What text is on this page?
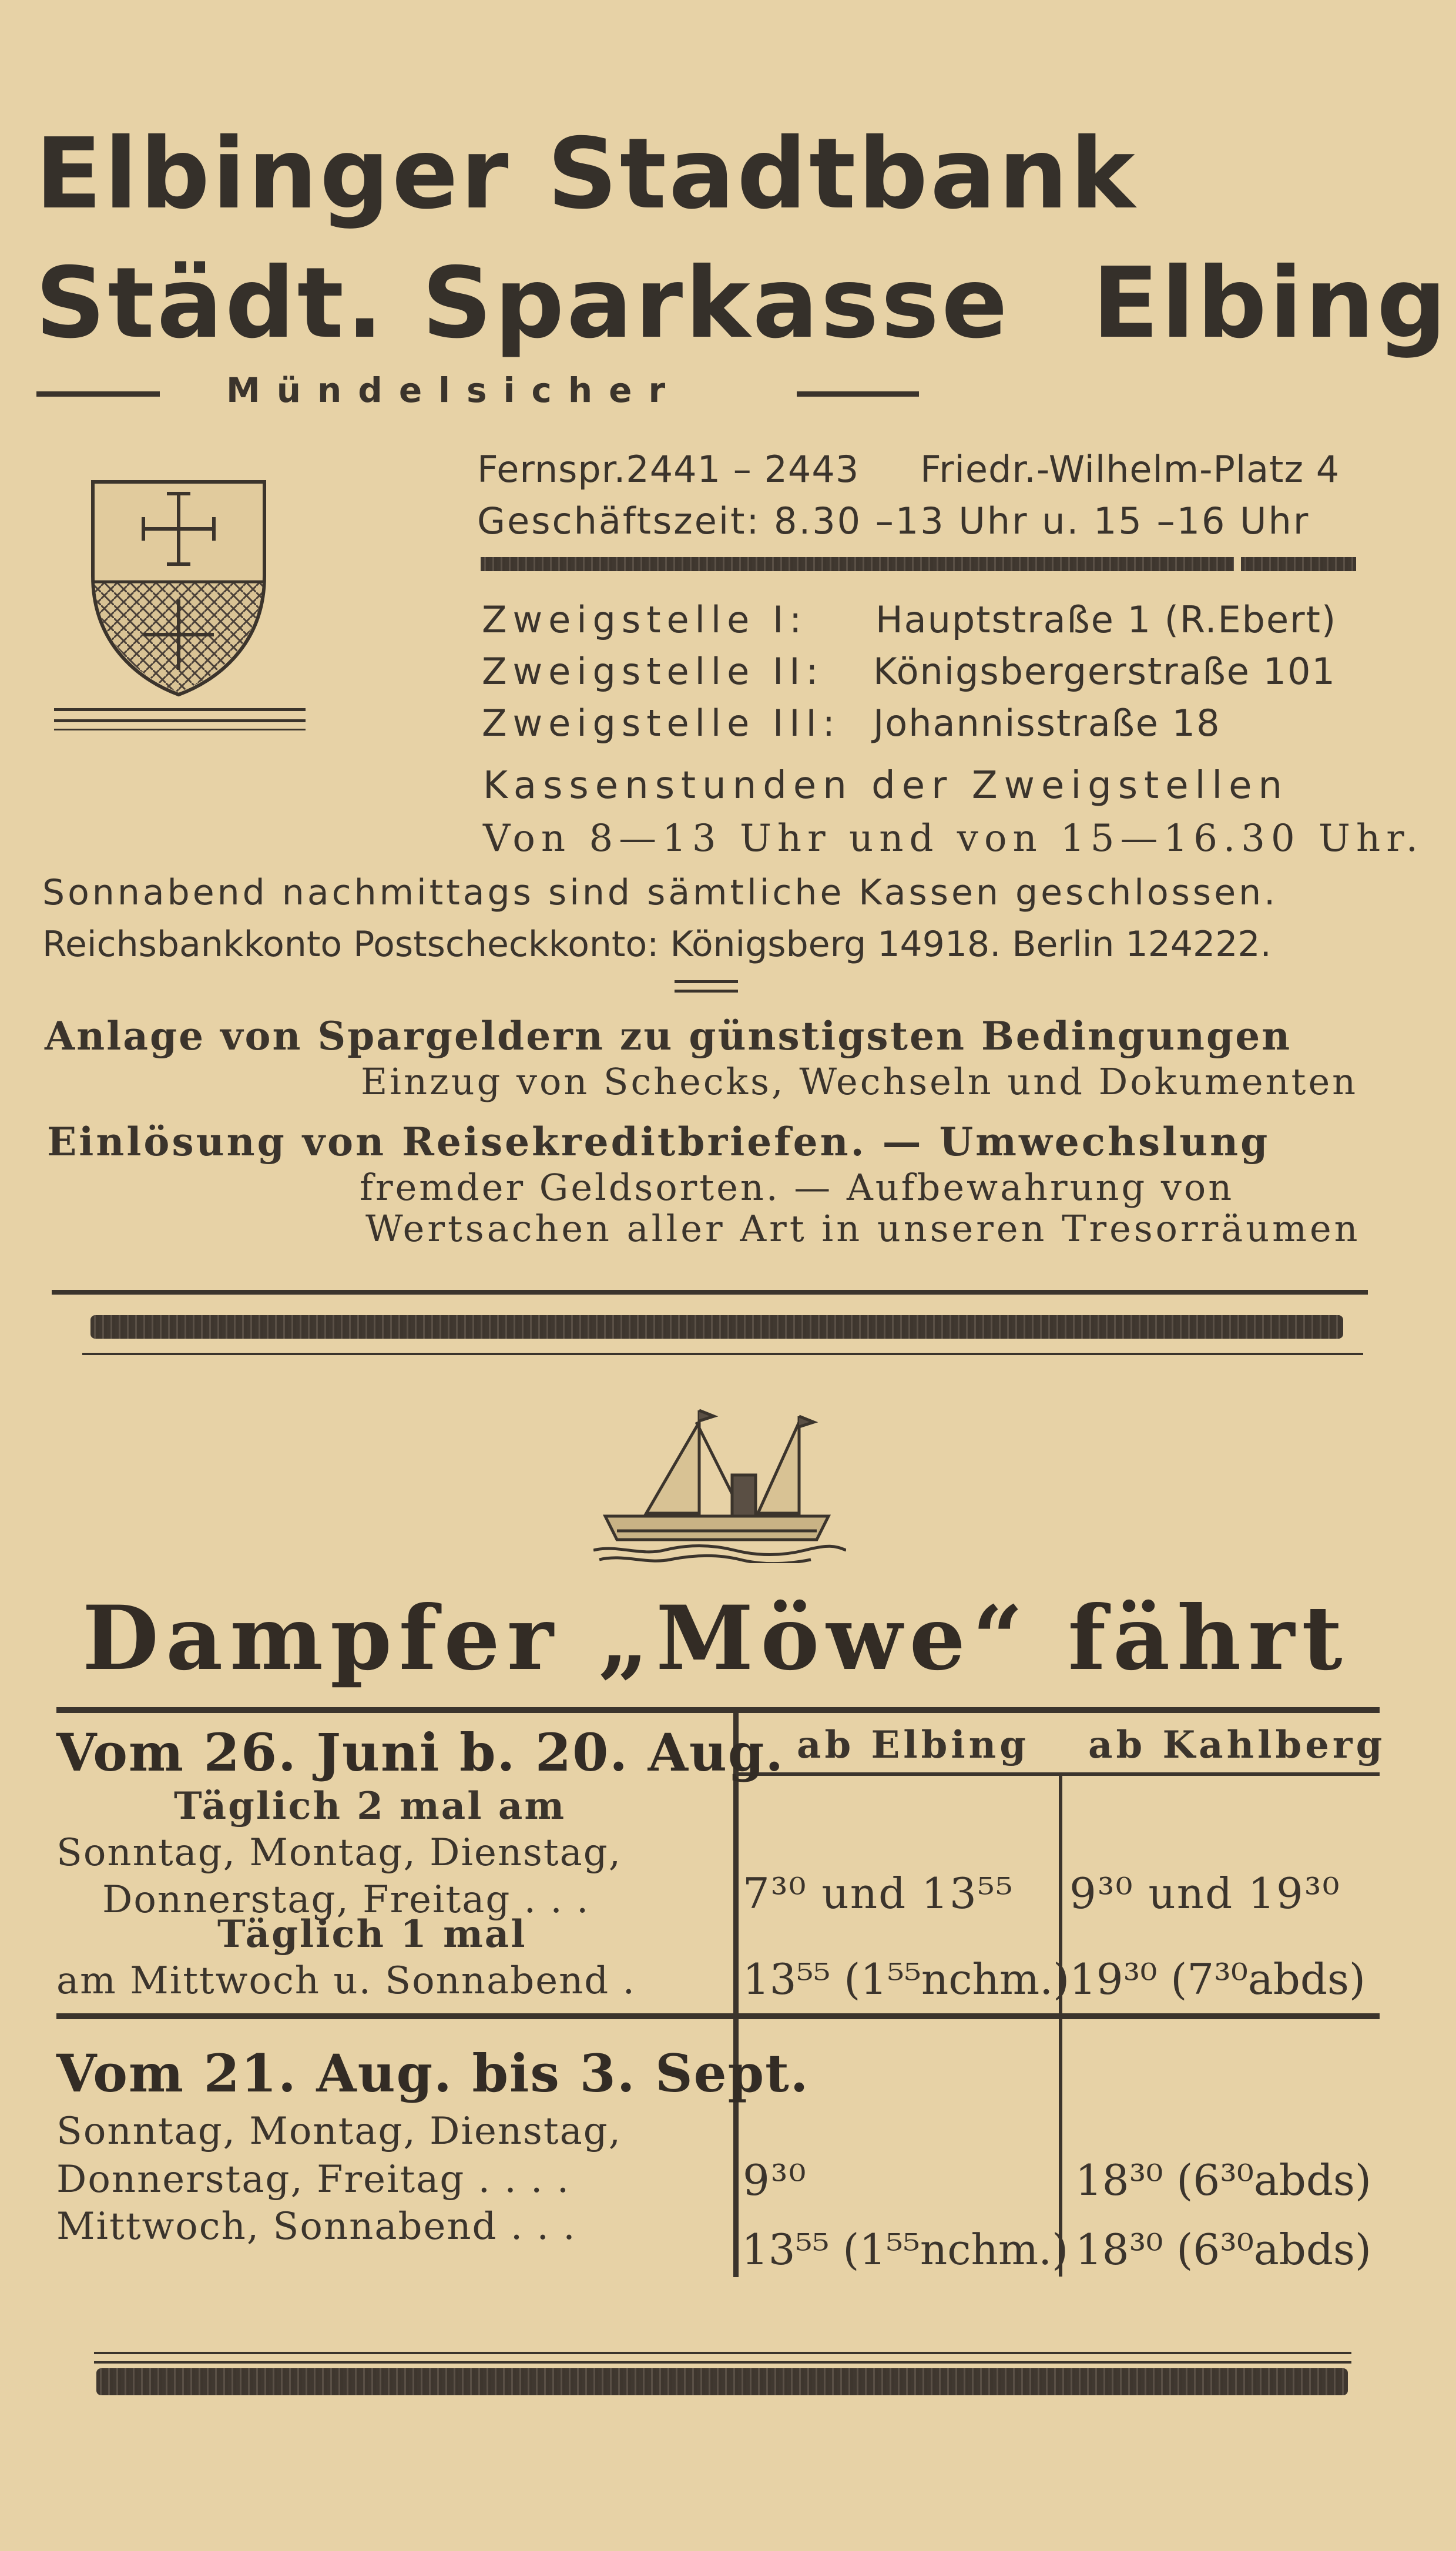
Elbinger Stadtbank
Städt. Sparkasse Elbing
Mündelsicher
Fernspr.2441 – 2443 Friedr.-Wilhelm-Platz 4
Geschäftszeit: 8.30 –13 Uhr u. 15 –16 Uhr
Zweigstelle I: Hauptstraße 1 (R.Ebert)
Zweigstelle II: Königsbergerstraße 101
Zweigstelle III: Johannisstraße 18
Kassenstunden der Zweigstellen
Von 8—13 Uhr und von 15—16.30 Uhr.
Sonnabend nachmittags sind sämtliche Kassen geschlossen.
Reichsbankkonto Postscheckkonto: Königsberg 14918. Berlin 124222.
Anlage von Spargeldern zu günstigsten Bedingungen
Einzug von Schecks, Wechseln und Dokumenten
Einlösung von Reisekreditbriefen. — Umwechslung
fremder Geldsorten. — Aufbewahrung von
Wertsachen aller Art in unseren Tresorräumen
Dampfer „Möwe“ fährt
ab Elbing ab Kahlberg
Vom 26. Juni b. 20. Aug.
Täglich 2 mal am
Sonntag, Montag, Dienstag,
Donnerstag, Freitag . . .
Täglich 1 mal
am Mittwoch u. Sonnabend .
7³⁰ und 13⁵⁵ 9³⁰ und 19³⁰
13⁵⁵ (1⁵⁵nchm.) 19³⁰ (7³⁰abds)
Vom 21. Aug. bis 3. Sept.
Sonntag, Montag, Dienstag,
Donnerstag, Freitag . . . .
Mittwoch, Sonnabend . . .
9³⁰	18³⁰ (6³⁰abds)
13⁵⁵ (1⁵⁵nchm.) 18³⁰ (6³⁰abds)
